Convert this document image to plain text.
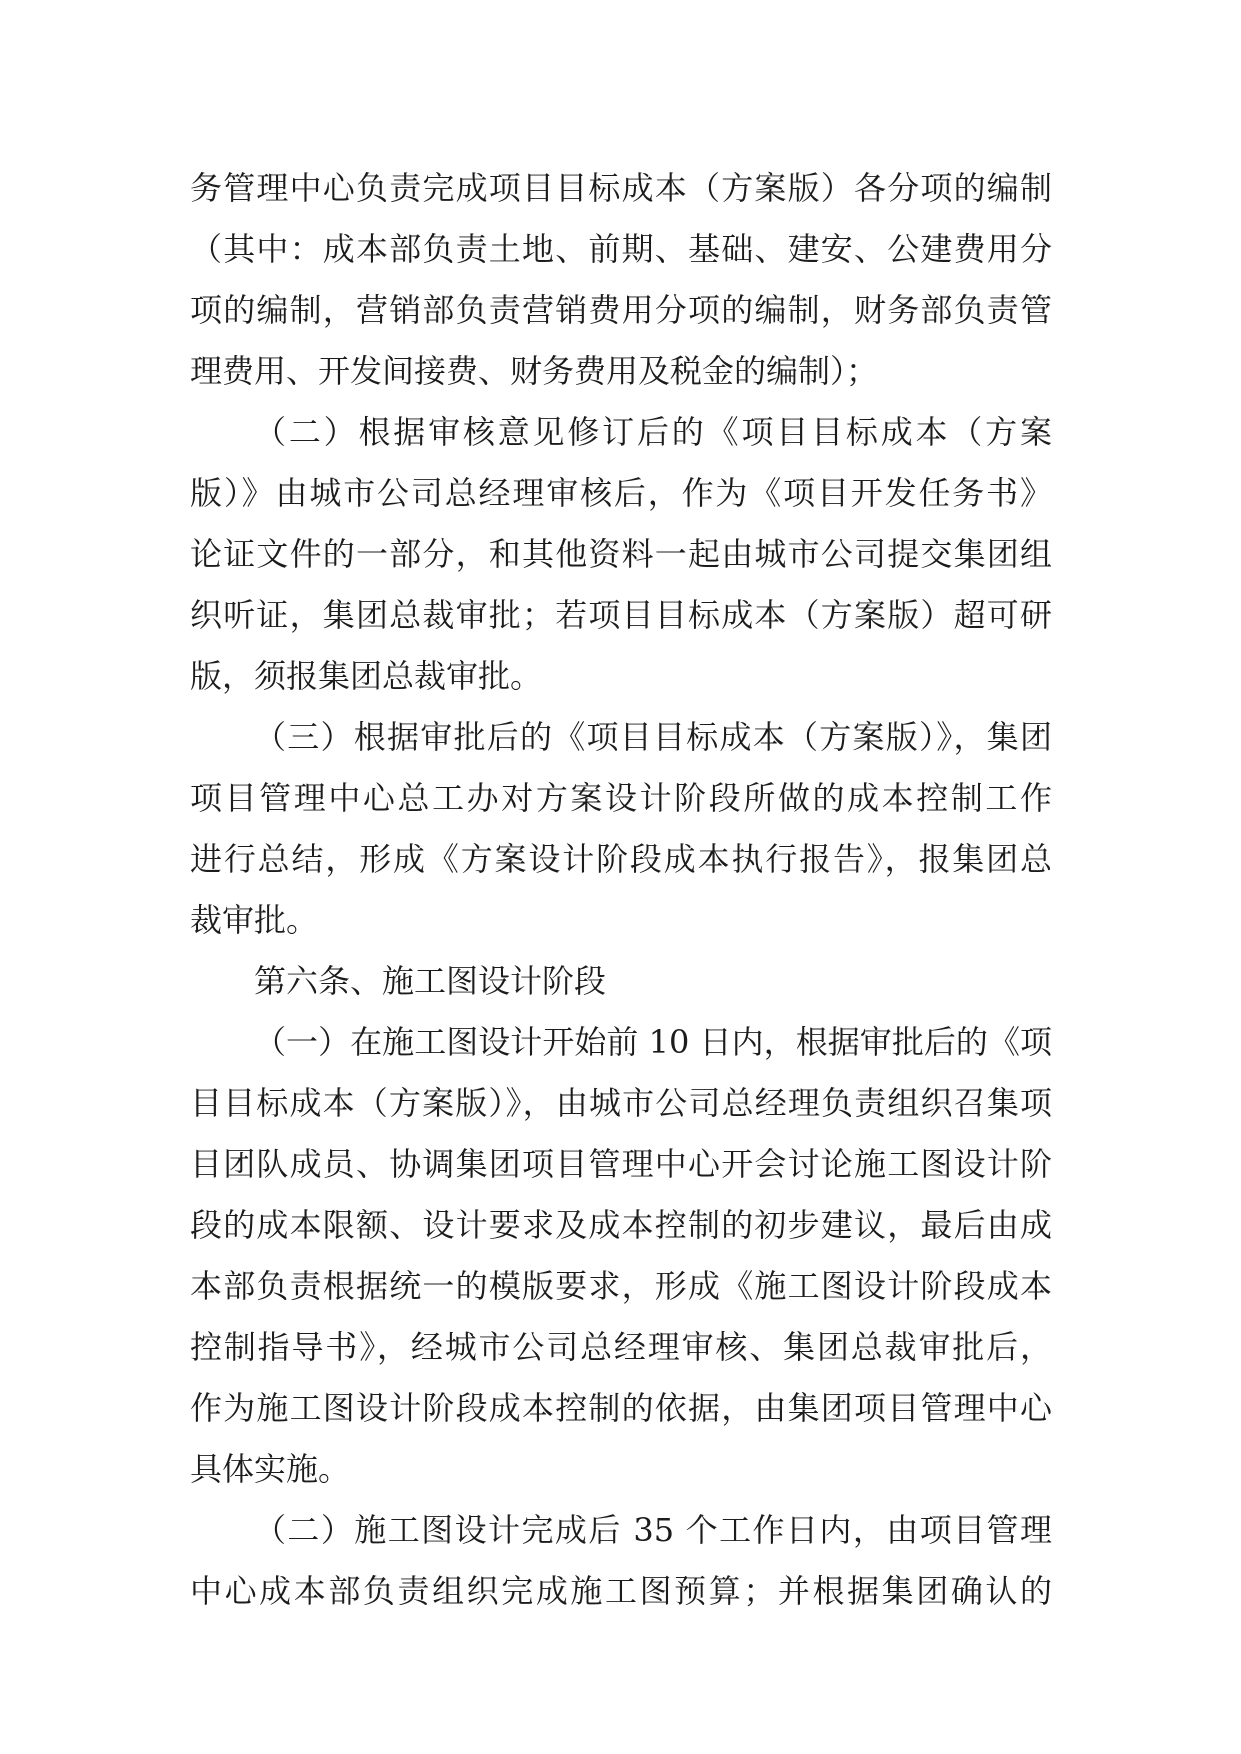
务管理中心负责完成项目目标成本（方案版）各分项的编制
（其中：成本部负责土地、前期、基础、建安、公建费用分
项的编制，营销部负责营销费用分项的编制，财务部负责管
理费用、开发间接费、财务费用及税金的编制）；
（二）根据审核意见修订后的《项目目标成本（方案
版）》由城市公司总经理审核后，作为《项目开发任务书》
论证文件的一部分，和其他资料一起由城市公司提交集团组
织听证，集团总裁审批；若项目目标成本（方案版）超可研
版，须报集团总裁审批。
（三）根据审批后的《项目目标成本（方案版）》，集团
项目管理中心总工办对方案设计阶段所做的成本控制工作
进行总结，形成《方案设计阶段成本执行报告》，报集团总
裁审批。
第六条、施工图设计阶段
（一）在施工图设计开始前 10 日内，根据审批后的《项
目目标成本（方案版）》，由城市公司总经理负责组织召集项
目团队成员、协调集团项目管理中心开会讨论施工图设计阶
段的成本限额、设计要求及成本控制的初步建议，最后由成
本部负责根据统一的模版要求，形成《施工图设计阶段成本
控制指导书》，经城市公司总经理审核、集团总裁审批后，
作为施工图设计阶段成本控制的依据，由集团项目管理中心
具体实施。
（二）施工图设计完成后 35 个工作日内，由项目管理
中心成本部负责组织完成施工图预算；并根据集团确认的
